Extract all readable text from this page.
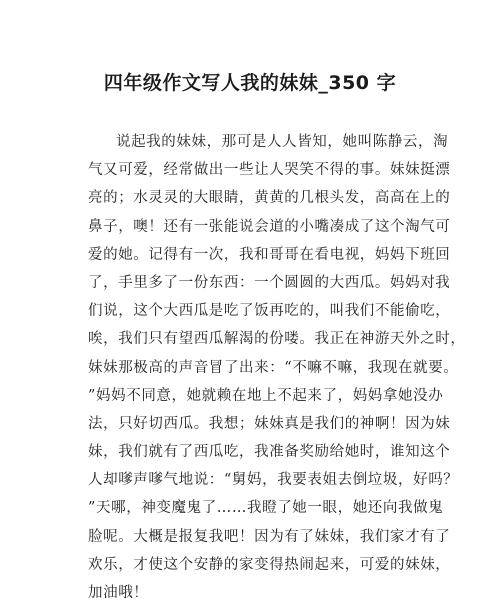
四年级作文写人我的妹妹_350 字
说起我的妹妹，那可是人人皆知，她叫陈静云，淘
气又可爱，经常做出一些让人哭笑不得的事。妹妹挺漂
亮的；水灵灵的大眼睛，黄黄的几根头发，高高在上的
鼻子，噢！还有一张能说会道的小嘴凑成了这个淘气可
爱的她。记得有一次，我和哥哥在看电视，妈妈下班回
了，手里多了一份东西：一个圆圆的大西瓜。妈妈对我
们说，这个大西瓜是吃了饭再吃的，叫我们不能偷吃，
唉，我们只有望西瓜解渴的份喽。我正在神游天外之时，
妹妹那极高的声音冒了出来：“不嘛不嘛，我现在就要。
”妈妈不同意，她就赖在地上不起来了，妈妈拿她没办
法，只好切西瓜。我想；妹妹真是我们的神啊！因为妹
妹，我们就有了西瓜吃，我准备奖励给她时，谁知这个
人却嗲声嗲气地说：“舅妈，我要表姐去倒垃圾，好吗？
”天哪，神变魔鬼了……我瞪了她一眼，她还向我做鬼
脸呢。大概是报复我吧！因为有了妹妹，我们家才有了
欢乐，才使这个安静的家变得热闹起来，可爱的妹妹，
加油哦！
